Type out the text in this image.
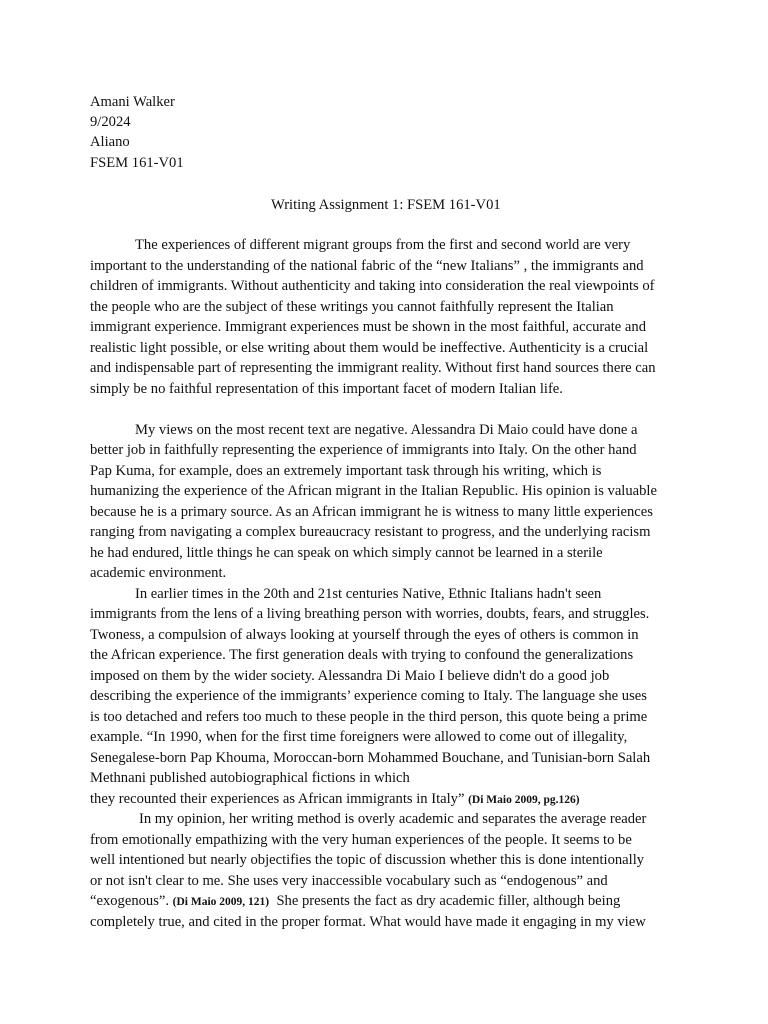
Amani Walker
9/2024
Aliano
FSEM 161-V01
Writing Assignment 1: FSEM 161-V01
The experiences of different migrant groups from the first and second world are very
important to the understanding of the national fabric of the “new Italians” , the immigrants and
children of immigrants. Without authenticity and taking into consideration the real viewpoints of
the people who are the subject of these writings you cannot faithfully represent the Italian
immigrant experience. Immigrant experiences must be shown in the most faithful, accurate and
realistic light possible, or else writing about them would be ineffective. Authenticity is a crucial
and indispensable part of representing the immigrant reality. Without first hand sources there can
simply be no faithful representation of this important facet of modern Italian life.
My views on the most recent text are negative. Alessandra Di Maio could have done a
better job in faithfully representing the experience of immigrants into Italy. On the other hand
Pap Kuma, for example, does an extremely important task through his writing, which is
humanizing the experience of the African migrant in the Italian Republic. His opinion is valuable
because he is a primary source. As an African immigrant he is witness to many little experiences
ranging from navigating a complex bureaucracy resistant to progress, and the underlying racism
he had endured, little things he can speak on which simply cannot be learned in a sterile
academic environment.
In earlier times in the 20th and 21st centuries Native, Ethnic Italians hadn't seen
immigrants from the lens of a living breathing person with worries, doubts, fears, and struggles.
Twoness, a compulsion of always looking at yourself through the eyes of others is common in
the African experience. The first generation deals with trying to confound the generalizations
imposed on them by the wider society. Alessandra Di Maio I believe didn't do a good job
describing the experience of the immigrants’ experience coming to Italy. The language she uses
is too detached and refers too much to these people in the third person, this quote being a prime
example. “In 1990, when for the first time foreigners were allowed to come out of illegality,
Senegalese-born Pap Khouma, Moroccan-born Mohammed Bouchane, and Tunisian-born Salah
Methnani published autobiographical fictions in which
they recounted their experiences as African immigrants in Italy” (Di Maio 2009, pg.126)
In my opinion, her writing method is overly academic and separates the average reader
from emotionally empathizing with the very human experiences of the people. It seems to be
well intentioned but nearly objectifies the topic of discussion whether this is done intentionally
or not isn't clear to me. She uses very inaccessible vocabulary such as “endogenous” and
“exogenous”. (Di Maio 2009, 121)  She presents the fact as dry academic filler, although being
completely true, and cited in the proper format. What would have made it engaging in my view
